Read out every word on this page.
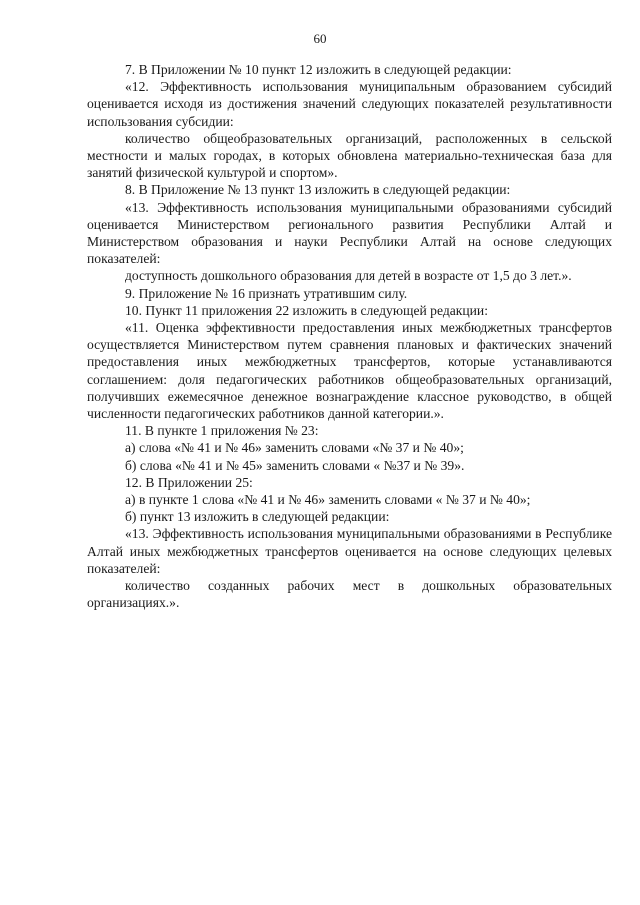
60

7. В Приложении № 10 пункт 12 изложить в следующей редакции:

«12. Эффективность использования муниципальным образованием субсидий оценивается исходя из достижения значений следующих показателей результативности использования субсидии:

количество общеобразовательных организаций, расположенных в сельской местности и малых городах, в которых обновлена материально-техническая база для занятий физической культурой и спортом».

8. В Приложение № 13 пункт 13 изложить в следующей редакции:

«13. Эффективность использования муниципальными образованиями субсидий оценивается Министерством регионального развития Республики Алтай и Министерством образования и науки Республики Алтай на основе следующих показателей:

доступность дошкольного образования для детей в возрасте от 1,5 до 3 лет.».

9. Приложение № 16 признать утратившим силу.

10. Пункт 11 приложения 22 изложить в следующей редакции:

«11. Оценка эффективности предоставления иных межбюджетных трансфертов осуществляется Министерством путем сравнения плановых и фактических значений предоставления иных межбюджетных трансфертов, которые устанавливаются соглашением: доля педагогических работников общеобразовательных организаций, получивших ежемесячное денежное вознаграждение классное руководство, в общей численности педагогических работников данной категории.».

11. В пункте 1 приложения № 23:

а) слова «№ 41 и № 46» заменить словами «№ 37 и № 40»;

б) слова «№ 41 и № 45» заменить словами « №37 и № 39».

12. В Приложении 25:

а) в пункте 1 слова «№ 41 и № 46» заменить словами « № 37 и № 40»;

б) пункт 13 изложить в следующей редакции:

«13. Эффективность использования муниципальными образованиями в Республике Алтай иных межбюджетных трансфертов оценивается на основе следующих целевых показателей:

количество созданных рабочих мест в дошкольных образовательных организациях.».
